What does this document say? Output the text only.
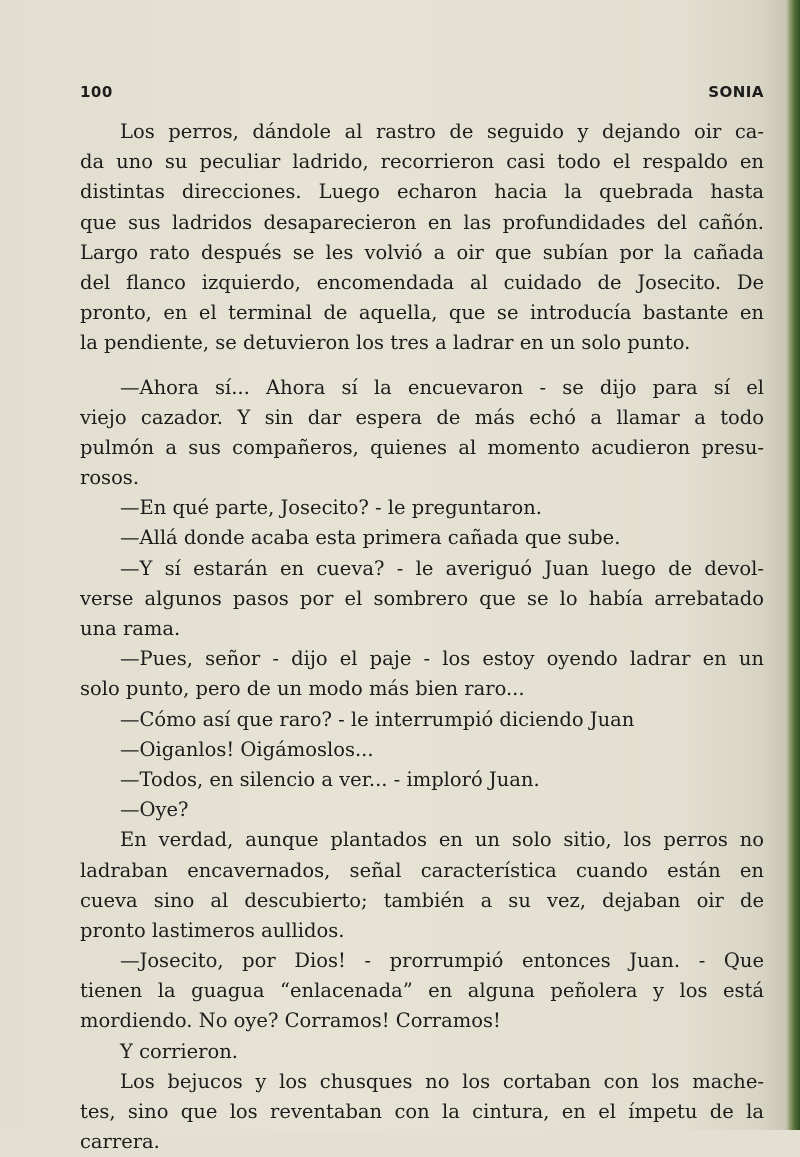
100	SONIA
Los perros, dándole al rastro de seguido y dejando oir ca-
da uno su peculiar ladrido, recorrieron casi todo el respaldo en
distintas direcciones. Luego echaron hacia la quebrada hasta
que sus ladridos desaparecieron en las profundidades del cañón.
Largo rato después se les volvió a oir que subían por la cañada
del flanco izquierdo, encomendada al cuidado de Josecito. De
pronto, en el terminal de aquella, que se introducía bastante en
la pendiente, se detuvieron los tres a ladrar en un solo punto.
—Ahora sí... Ahora sí la encuevaron - se dijo para sí el
viejo cazador. Y sin dar espera de más echó a llamar a todo
pulmón a sus compañeros, quienes al momento acudieron presu-
rosos.
—En qué parte, Josecito? - le preguntaron.
—Allá donde acaba esta primera cañada que sube.
—Y sí estarán en cueva? - le averiguó Juan luego de devol-
verse algunos pasos por el sombrero que se lo había arrebatado
una rama.
—Pues, señor - dijo el paje - los estoy oyendo ladrar en un
solo punto, pero de un modo más bien raro...
—Cómo así que raro? - le interrumpió diciendo Juan
—Oiganlos! Oigámoslos...
—Todos, en silencio a ver... - imploró Juan.
—Oye?
En verdad, aunque plantados en un solo sitio, los perros no
ladraban encavernados, señal característica cuando están en
cueva sino al descubierto; también a su vez, dejaban oir de
pronto lastimeros aullidos.
—Josecito, por Dios! - prorrumpió entonces Juan. - Que
tienen la guagua “enlacenada” en alguna peñolera y los está
mordiendo. No oye? Corramos! Corramos!
Y corrieron.
Los bejucos y los chusques no los cortaban con los mache-
tes, sino que los reventaban con la cintura, en el ímpetu de la
carrera.
